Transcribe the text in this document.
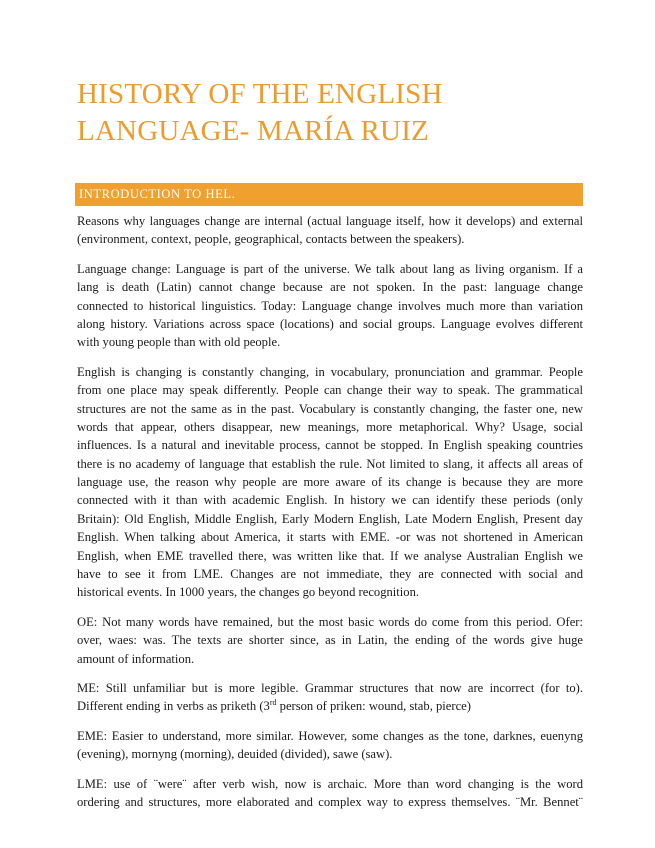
HISTORY OF THE ENGLISH
LANGUAGE- MARÍA RUIZ
INTRODUCTION TO HEL.

Reasons why languages change are internal (actual language itself, how it develops) and external
(environment, context, people, geographical, contacts between the speakers).
Language change: Language is part of the universe. We talk about lang as living organism. If a
lang is death (Latin) cannot change because are not spoken. In the past: language change
connected to historical linguistics. Today: Language change involves much more than variation
along history. Variations across space (locations) and social groups. Language evolves different
with young people than with old people.
English is changing is constantly changing, in vocabulary, pronunciation and grammar. People
from one place may speak differently. People can change their way to speak. The grammatical
structures are not the same as in the past. Vocabulary is constantly changing, the faster one, new
words that appear, others disappear, new meanings, more metaphorical. Why? Usage, social
influences. Is a natural and inevitable process, cannot be stopped. In English speaking countries
there is no academy of language that establish the rule. Not limited to slang, it affects all areas of
language use, the reason why people are more aware of its change is because they are more
connected with it than with academic English. In history we can identify these periods (only
Britain): Old English, Middle English, Early Modern English, Late Modern English, Present day
English. When talking about America, it starts with EME. -or was not shortened in American
English, when EME travelled there, was written like that. If we analyse Australian English we
have to see it from LME. Changes are not immediate, they are connected with social and
historical events. In 1000 years, the changes go beyond recognition.
OE: Not many words have remained, but the most basic words do come from this period. Ofer:
over, waes: was. The texts are shorter since, as in Latin, the ending of the words give huge
amount of information.
ME: Still unfamiliar but is more legible. Grammar structures that now are incorrect (for to).
Different ending in verbs as priketh (3rd person of priken: wound, stab, pierce)
EME: Easier to understand, more similar. However, some changes as the tone, darknes, euenyng
(evening), mornyng (morning), deuided (divided), sawe (saw).
LME: use of ¨were¨ after verb wish, now is archaic. More than word changing is the word
ordering and structures, more elaborated and complex way to express themselves. ¨Mr. Bennet¨
